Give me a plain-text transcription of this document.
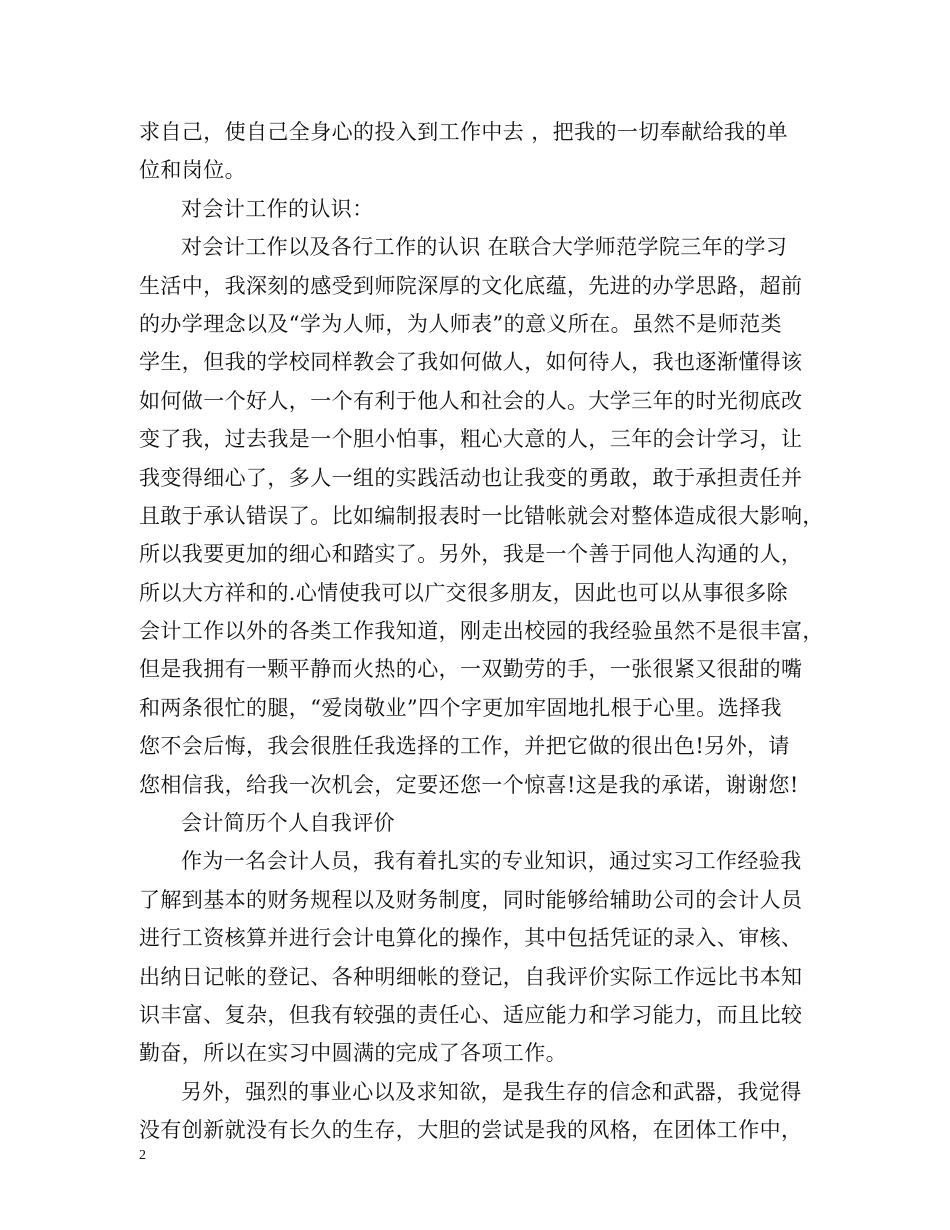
求自己，使自己全身心的投入到工作中去 ，把我的一切奉献给我的单
位和岗位。
对会计工作的认识：
对会计工作以及各行工作的认识 在联合大学师范学院三年的学习
生活中，我深刻的感受到师院深厚的文化底蕴，先进的办学思路，超前
的办学理念以及“学为人师，为人师表”的意义所在。虽然不是师范类
学生，但我的学校同样教会了我如何做人，如何待人，我也逐渐懂得该
如何做一个好人，一个有利于他人和社会的人。大学三年的时光彻底改
变了我，过去我是一个胆小怕事，粗心大意的人，三年的会计学习，让
我变得细心了，多人一组的实践活动也让我变的勇敢，敢于承担责任并
且敢于承认错误了。比如编制报表时一比错帐就会对整体造成很大影响，
所以我要更加的细心和踏实了。另外，我是一个善于同他人沟通的人，
所以大方祥和的.心情使我可以广交很多朋友，因此也可以从事很多除
会计工作以外的各类工作我知道，刚走出校园的我经验虽然不是很丰富，
但是我拥有一颗平静而火热的心，一双勤劳的手，一张很紧又很甜的嘴
和两条很忙的腿，“爱岗敬业”四个字更加牢固地扎根于心里。选择我
您不会后悔，我会很胜任我选择的工作，并把它做的很出色!另外，请
您相信我，给我一次机会，定要还您一个惊喜!这是我的承诺，谢谢您!
会计简历个人自我评价
作为一名会计人员，我有着扎实的专业知识，通过实习工作经验我
了解到基本的财务规程以及财务制度，同时能够给辅助公司的会计人员
进行工资核算并进行会计电算化的操作，其中包括凭证的录入、审核、
出纳日记帐的登记、各种明细帐的登记，自我评价实际工作远比书本知
识丰富、复杂，但我有较强的责任心、适应能力和学习能力，而且比较
勤奋，所以在实习中圆满的完成了各项工作。
另外，强烈的事业心以及求知欲，是我生存的信念和武器，我觉得
没有创新就没有长久的生存，大胆的尝试是我的风格，在团体工作中，
2
